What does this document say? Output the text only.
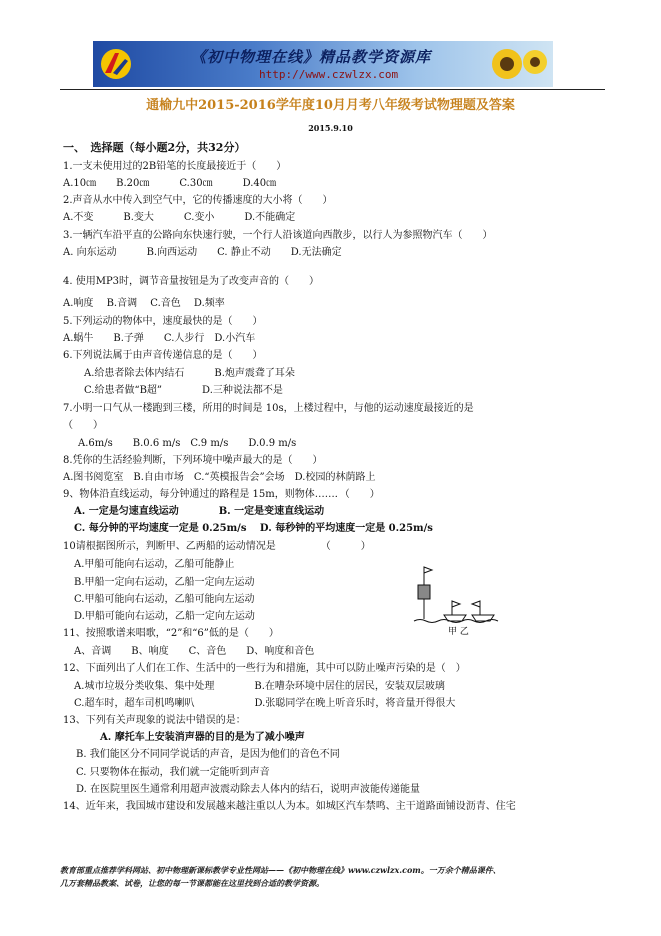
《初中物理在线》精品教学资源库
http://www.czwlzx.com
通榆九中2015-2016学年度10月月考八年级考试物理题及答案
2015.9.10
一、　选择题（每小题2分，共32分）
1.一支未使用过的2B铅笔的长度最接近于（　　）
A.10㎝　　B.20㎝　　　C.30㎝　　　D.40㎝
2.声音从水中传入到空气中，它的传播速度的大小将（　　）
A.不变　　　B.变大　　　C.变小　　　D.不能确定
3.一辆汽车沿平直的公路向东快速行驶，一个行人沿该道向西散步，以行人为参照物汽车（　　）
A. 向东运动　　　B.向西运动　　C. 静止不动　　D.无法确定
4. 使用MP3时，调节音量按钮是为了改变声音的（　　）
A.响度　 B.音调　 C.音色　 D.频率
5.下列运动的物体中，速度最快的是（　　）
A.蜗牛　　B.子弹　　C.人步行　D.小汽车
6.下列说法属于由声音传递信息的是（　　）
A.给患者除去体内结石　　　B.炮声震聋了耳朵
C.给患者做“B超”　　　　D.三种说法都不是
7.小明一口气从一楼跑到三楼，所用的时间是 10s，上楼过程中，与他的运动速度最接近的是
（　　）
A.6m/s　　B.0.6 m/s　C.9 m/s　　D.0.9 m/s
8.凭你的生活经验判断，下列环境中噪声最大的是（　　）
A.图书阅览室　B.自由市场　C.“英模报告会”会场　D.校园的林荫路上
9、物体沿直线运动，每分钟通过的路程是 15m，则物体……．（　　）
A. 一定是匀速直线运动　　　　B. 一定是变速直线运动
C. 每分钟的平均速度一定是 0.25m/s　 D. 每秒钟的平均速度一定是 0.25m/s
10请根据图所示，判断甲、乙两船的运动情况是　　　　　（　　　）
A.甲船可能向右运动，乙船可能静止
B.甲船一定向右运动，乙船一定向左运动
C.甲船可能向右运动，乙船可能向左运动
D.甲船可能向右运动，乙船一定向左运动
11、按照歌谱来唱歌，“2”和“6”低的是（　　）
A、音调　　B、响度　　C、音色　　D、响度和音色
12、下面列出了人们在工作、生活中的一些行为和措施，其中可以防止噪声污染的是（　）
A.城市垃圾分类收集、集中处理　　　　B.在嘈杂环境中居住的居民，安装双层玻璃
C.超车时，超车司机鸣喇叭　　　　　　D.张聪同学在晚上听音乐时，将音量开得很大
13、下列有关声现象的说法中错误的是：
A. 摩托车上安装消声器的目的是为了减小噪声
B. 我们能区分不同同学说话的声音，是因为他们的音色不同
C. 只要物体在振动，我们就一定能听到声音
D. 在医院里医生通常利用超声波震动除去人体内的结石，说明声波能传递能量
14、近年来，我国城市建设和发展越来越注重以人为本。如城区汽车禁鸣、主干道路面铺设沥青、住宅
甲 乙
教育部重点推荐学科网站、初中物理新课标教学专业性网站——《初中物理在线》www.czwlzx.com。一万余个精品课件、
几万套精品教案、试卷，让您的每一节课都能在这里找到合适的教学资源。
